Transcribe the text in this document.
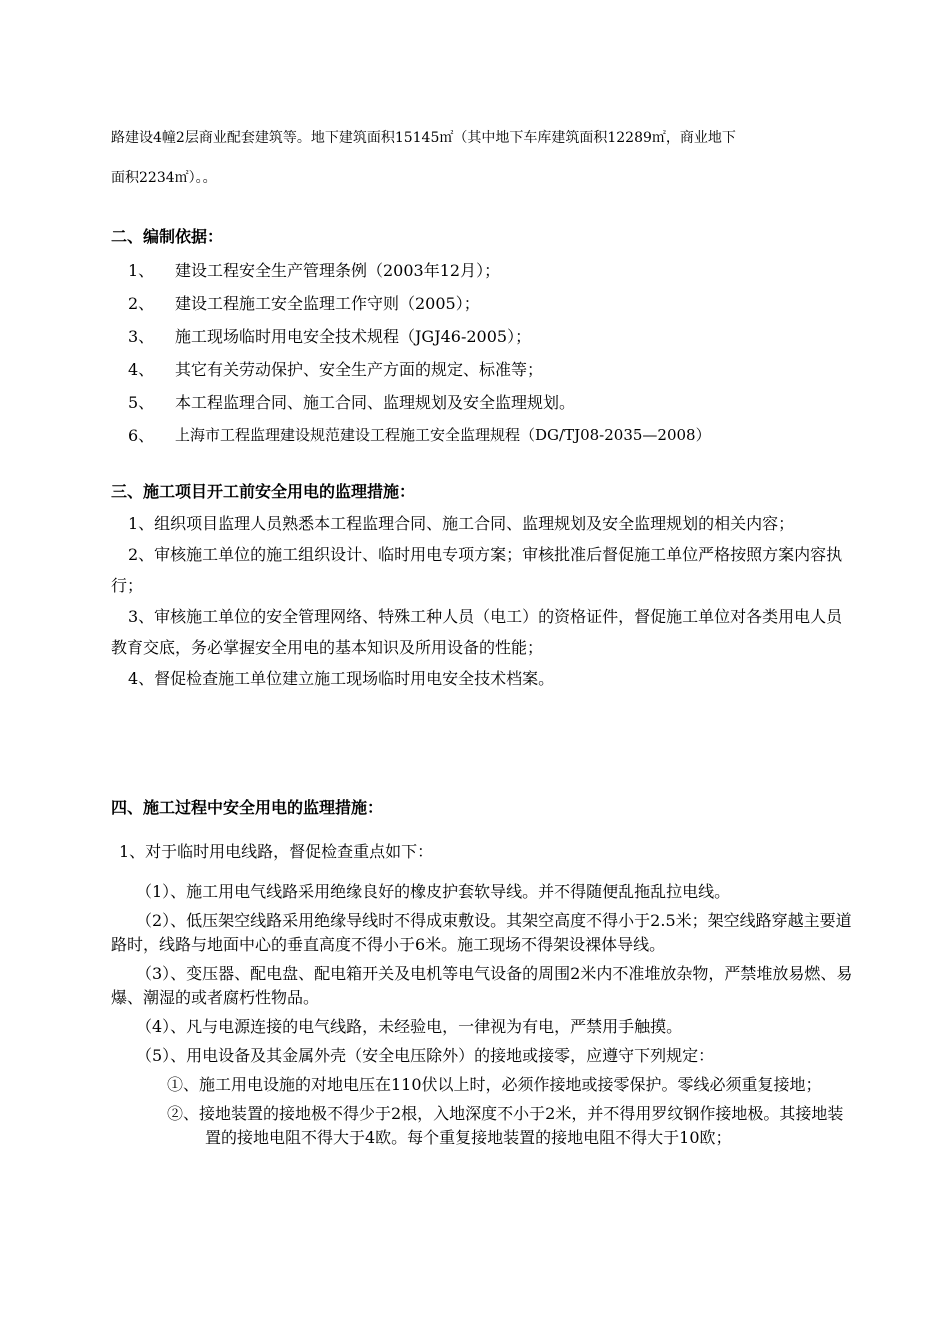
路建设4幢2层商业配套建筑等。地下建筑面积15145㎡（其中地下车库建筑面积12289㎡，商业地下
面积2234㎡）。。
二、编制依据：
1、	建设工程安全生产管理条例（2003年12月）；
2、	建设工程施工安全监理工作守则（2005）；
3、	施工现场临时用电安全技术规程（JGJ46-2005）；
4、	其它有关劳动保护、安全生产方面的规定、标准等；
5、	本工程监理合同、施工合同、监理规划及安全监理规划。
6、	上海市工程监理建设规范建设工程施工安全监理规程（DG/TJ08-2035—2008）
三、施工项目开工前安全用电的监理措施：

1、组织项目监理人员熟悉本工程监理合同、施工合同、监理规划及安全监理规划的相关内容；

2、审核施工单位的施工组织设计、临时用电专项方案；审核批准后督促施工单位严格按照方案内容执行；

3、审核施工单位的安全管理网络、特殊工种人员（电工）的资格证件，督促施工单位对各类用电人员教育交底，务必掌握安全用电的基本知识及所用设备的性能；

4、督促检查施工单位建立施工现场临时用电安全技术档案。

四、施工过程中安全用电的监理措施：
1、对于临时用电线路，督促检查重点如下：

（1）、施工用电气线路采用绝缘良好的橡皮护套软导线。并不得随便乱拖乱拉电线。

（2）、低压架空线路采用绝缘导线时不得成束敷设。其架空高度不得小于2.5米；架空线路穿越主要道路时，线路与地面中心的垂直高度不得小于6米。施工现场不得架设裸体导线。

（3）、变压器、配电盘、配电箱开关及电机等电气设备的周围2米内不准堆放杂物，严禁堆放易燃、易爆、潮湿的或者腐朽性物品。

（4）、凡与电源连接的电气线路，未经验电，一律视为有电，严禁用手触摸。

（5）、用电设备及其金属外壳（安全电压除外）的接地或接零，应遵守下列规定：

①、施工用电设施的对地电压在110伏以上时，必须作接地或接零保护。零线必须重复接地；

②、接地装置的接地极不得少于2根，入地深度不小于2米，并不得用罗纹钢作接地极。其接地装置的接地电阻不得大于4欧。每个重复接地装置的接地电阻不得大于10欧；
